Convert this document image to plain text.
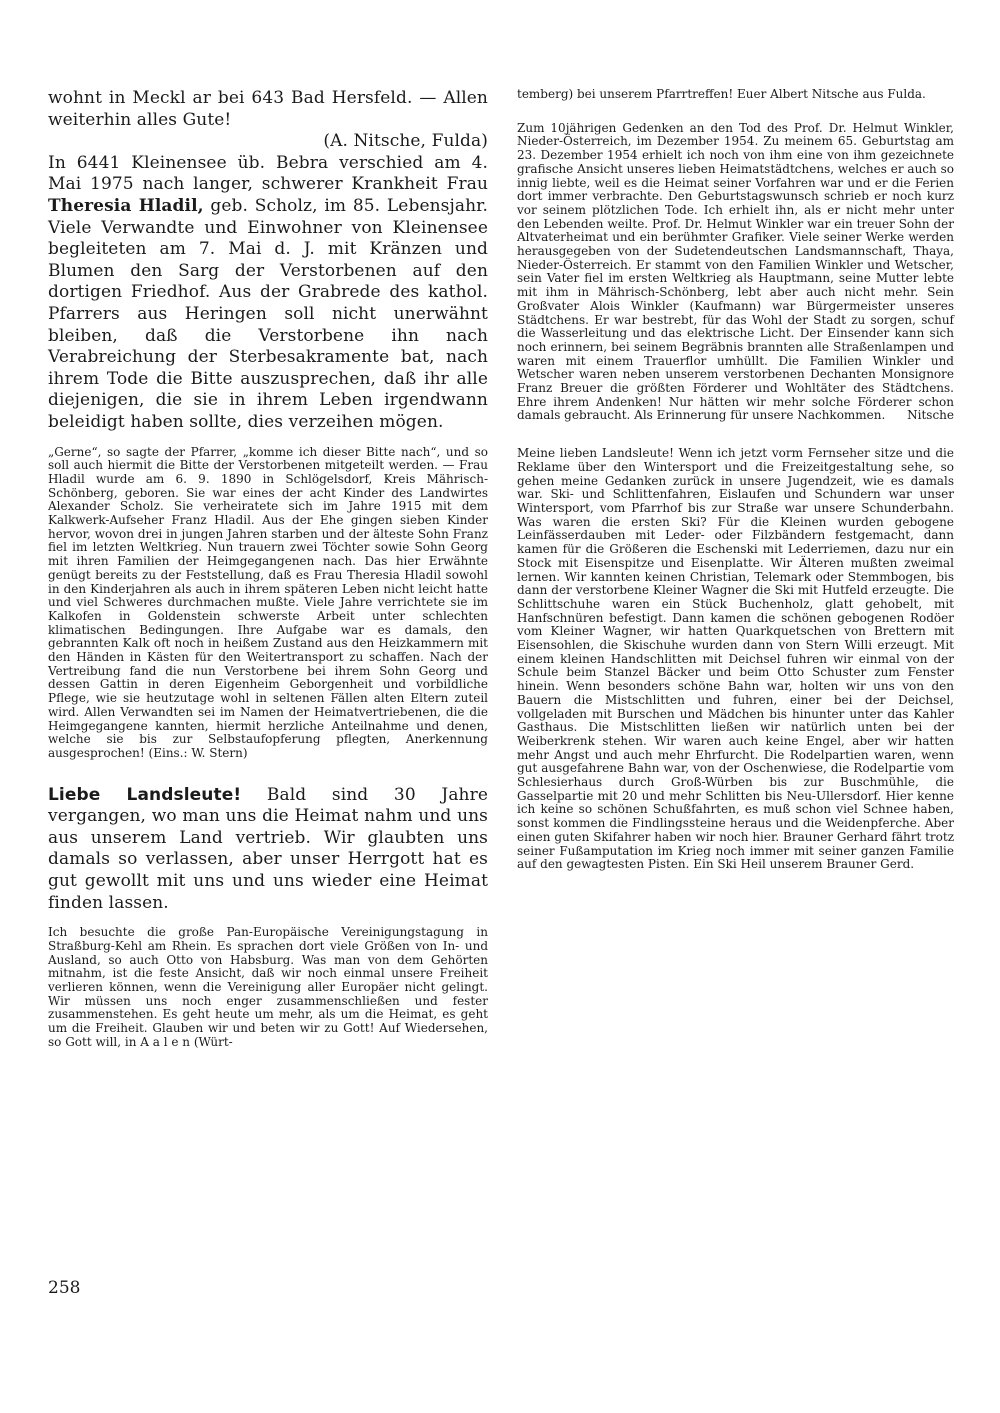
wohnt in Meckl ar bei 643 Bad Hersfeld. — Allen weiterhin alles Gute!

(A. Nitsche, Fulda)

In 6441 Kleinensee üb. Bebra verschied am 4. Mai 1975 nach langer, schwerer Krankheit Frau Theresia Hladil, geb. Scholz, im 85. Lebensjahr. Viele Verwandte und Einwohner von Kleinensee begleiteten am 7. Mai d. J. mit Kränzen und Blumen den Sarg der Verstorbenen auf den dortigen Friedhof. Aus der Grabrede des kathol. Pfarrers aus Heringen soll nicht unerwähnt bleiben, daß die Verstorbene ihn nach Verabreichung der Sterbesakramente bat, nach ihrem Tode die Bitte auszusprechen, daß ihr alle diejenigen, die sie in ihrem Leben irgendwann beleidigt haben sollte, dies verzeihen mögen.

„Gerne“, so sagte der Pfarrer, „komme ich dieser Bitte nach“, und so soll auch hiermit die Bitte der Verstorbenen mitgeteilt werden. — Frau Hladil wurde am 6. 9. 1890 in Schlögelsdorf, Kreis Mährisch-Schönberg, geboren. Sie war eines der acht Kinder des Landwirtes Alexander Scholz. Sie verheiratete sich im Jahre 1915 mit dem Kalkwerk-Aufseher Franz Hladil. Aus der Ehe gingen sieben Kinder hervor, wovon drei in jungen Jahren starben und der älteste Sohn Franz fiel im letzten Weltkrieg. Nun trauern zwei Töchter sowie Sohn Georg mit ihren Familien der Heimgegangenen nach. Das hier Erwähnte genügt bereits zu der Feststellung, daß es Frau Theresia Hladil sowohl in den Kinderjahren als auch in ihrem späteren Leben nicht leicht hatte und viel Schweres durchmachen mußte. Viele Jahre verrichtete sie im Kalkofen in Goldenstein schwerste Arbeit unter schlechten klimatischen Bedingungen. Ihre Aufgabe war es damals, den gebrannten Kalk oft noch in heißem Zustand aus den Heizkammern mit den Händen in Kästen für den Weitertransport zu schaffen. Nach der Vertreibung fand die nun Verstorbene bei ihrem Sohn Georg und dessen Gattin in deren Eigenheim Geborgenheit und vorbildliche Pflege, wie sie heutzutage wohl in seltenen Fällen alten Eltern zuteil wird. Allen Verwandten sei im Namen der Heimatvertriebenen, die die Heimgegangene kannten, hiermit herzliche Anteilnahme und denen, welche sie bis zur Selbstaufopferung pflegten, Anerkennung ausgesprochen! (Eins.: W. Stern)

Liebe Landsleute! Bald sind 30 Jahre vergangen, wo man uns die Heimat nahm und uns aus unserem Land vertrieb. Wir glaubten uns damals so verlassen, aber unser Herrgott hat es gut gewollt mit uns und uns wieder eine Heimat finden lassen.

Ich besuchte die große Pan-Europäische Vereinigungstagung in Straßburg-Kehl am Rhein. Es sprachen dort viele Größen von In- und Ausland, so auch Otto von Habsburg. Was man von dem Gehörten mitnahm, ist die feste Ansicht, daß wir noch einmal unsere Freiheit verlieren können, wenn die Vereinigung aller Europäer nicht gelingt. Wir müssen uns noch enger zusammenschließen und fester zusammenstehen. Es geht heute um mehr, als um die Heimat, es geht um die Freiheit. Glauben wir und beten wir zu Gott! Auf Wiedersehen, so Gott will, in A a l e n (Würt-

temberg) bei unserem Pfarrtreffen! Euer Albert Nitsche aus Fulda.

Zum 10jährigen Gedenken an den Tod des Prof. Dr. Helmut Winkler, Nieder-Österreich, im Dezember 1954. Zu meinem 65. Geburtstag am 23. Dezember 1954 erhielt ich noch von ihm eine von ihm gezeichnete grafische Ansicht unseres lieben Heimatstädtchens, welches er auch so innig liebte, weil es die Heimat seiner Vorfahren war und er die Ferien dort immer verbrachte. Den Geburtstagswunsch schrieb er noch kurz vor seinem plötzlichen Tode. Ich erhielt ihn, als er nicht mehr unter den Lebenden weilte. Prof. Dr. Helmut Winkler war ein treuer Sohn der Altvaterheimat und ein berühmter Grafiker. Viele seiner Werke werden herausgegeben von der Sudetendeutschen Landsmannschaft, Thaya, Nieder-Österreich. Er stammt von den Familien Winkler und Wetscher, sein Vater fiel im ersten Weltkrieg als Hauptmann, seine Mutter lebte mit ihm in Mährisch-Schönberg, lebt aber auch nicht mehr. Sein Großvater Alois Winkler (Kaufmann) war Bürgermeister unseres Städtchens. Er war bestrebt, für das Wohl der Stadt zu sorgen, schuf die Wasserleitung und das elektrische Licht. Der Einsender kann sich noch erinnern, bei seinem Begräbnis brannten alle Straßenlampen und waren mit einem Trauerflor umhüllt. Die Familien Winkler und Wetscher waren neben unserem verstorbenen Dechanten Monsignore Franz Breuer die größten Förderer und Wohltäter des Städtchens. Ehre ihrem Andenken! Nur hätten wir mehr solche Förderer schon damals gebraucht. Als Erinnerung für unsere Nachkommen. Nitsche

Meine lieben Landsleute! Wenn ich jetzt vorm Fernseher sitze und die Reklame über den Wintersport und die Freizeitgestaltung sehe, so gehen meine Gedanken zurück in unsere Jugendzeit, wie es damals war. Ski- und Schlittenfahren, Eislaufen und Schundern war unser Wintersport, vom Pfarrhof bis zur Straße war unsere Schunderbahn. Was waren die ersten Ski? Für die Kleinen wurden gebogene Leinfässerdauben mit Leder- oder Filzbändern festgemacht, dann kamen für die Größeren die Eschenski mit Lederriemen, dazu nur ein Stock mit Eisenspitze und Eisenplatte. Wir Älteren mußten zweimal lernen. Wir kannten keinen Christian, Telemark oder Stemmbogen, bis dann der verstorbene Kleiner Wagner die Ski mit Hutfeld erzeugte. Die Schlittschuhe waren ein Stück Buchenholz, glatt gehobelt, mit Hanfschnüren befestigt. Dann kamen die schönen gebogenen Rodöer vom Kleiner Wagner, wir hatten Quarkquetschen von Brettern mit Eisensohlen, die Skischuhe wurden dann von Stern Willi erzeugt. Mit einem kleinen Handschlitten mit Deichsel fuhren wir einmal von der Schule beim Stanzel Bäcker und beim Otto Schuster zum Fenster hinein. Wenn besonders schöne Bahn war, holten wir uns von den Bauern die Mistschlitten und fuhren, einer bei der Deichsel, vollgeladen mit Burschen und Mädchen bis hinunter unter das Kahler Gasthaus. Die Mistschlitten ließen wir natürlich unten bei der Weiberkrenk stehen. Wir waren auch keine Engel, aber wir hatten mehr Angst und auch mehr Ehrfurcht. Die Rodelpartien waren, wenn gut ausgefahrene Bahn war, von der Oschenwiese, die Rodelpartie vom Schlesierhaus durch Groß-Würben bis zur Buschmühle, die Gasselpartie mit 20 und mehr Schlitten bis Neu-Ullersdorf. Hier kenne ich keine so schönen Schußfahrten, es muß schon viel Schnee haben, sonst kommen die Findlingssteine heraus und die Weidenpferche. Aber einen guten Skifahrer haben wir noch hier. Brauner Gerhard fährt trotz seiner Fußamputation im Krieg noch immer mit seiner ganzen Familie auf den gewagtesten Pisten. Ein Ski Heil unserem Brauner Gerd.

258
